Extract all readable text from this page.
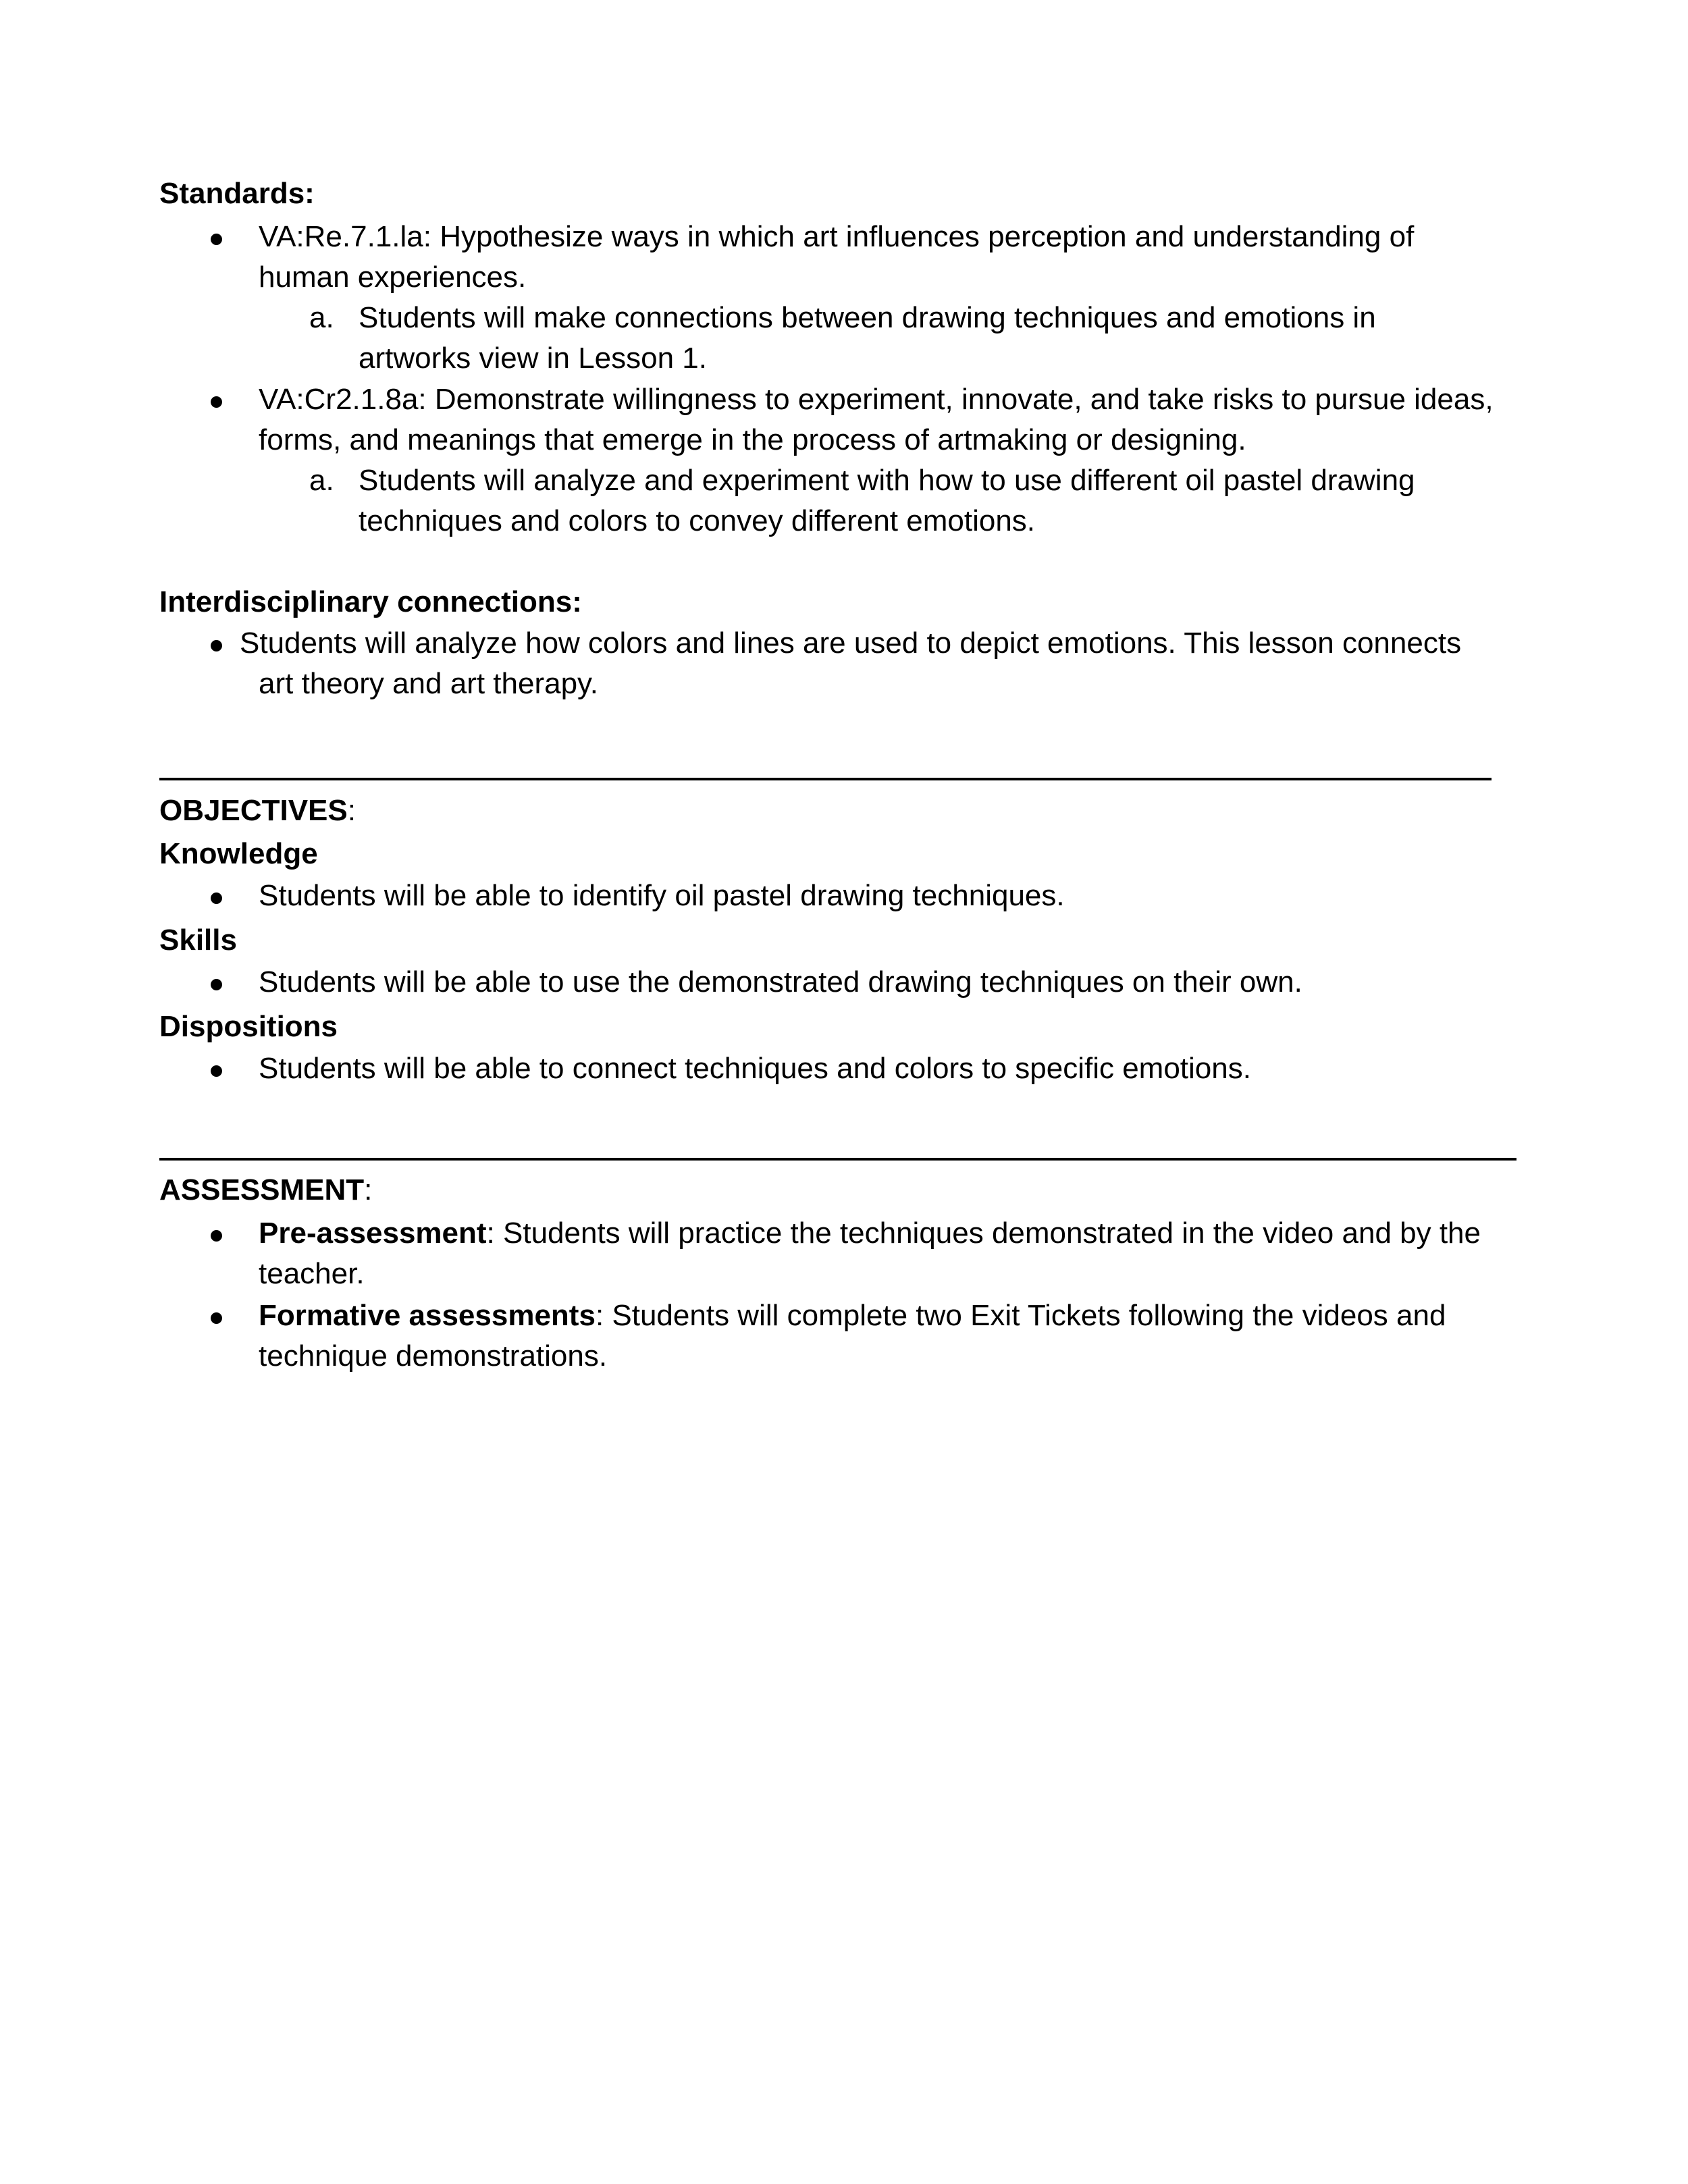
Standards:
VA:Re.7.1.la: Hypothesize ways in which art influences perception and understanding of
human experiences.
a. Students will make connections between drawing techniques and emotions in
artworks view in Lesson 1.
VA:Cr2.1.8a: Demonstrate willingness to experiment, innovate, and take risks to pursue ideas,
forms, and meanings that emerge in the process of artmaking or designing.
a. Students will analyze and experiment with how to use different oil pastel drawing
techniques and colors to convey different emotions.
Interdisciplinary connections:
Students will analyze how colors and lines are used to depict emotions. This lesson connects
art theory and art therapy.
OBJECTIVES:
Knowledge
Students will be able to identify oil pastel drawing techniques.
Skills
Students will be able to use the demonstrated drawing techniques on their own.
Dispositions
Students will be able to connect techniques and colors to specific emotions.
ASSESSMENT:
Pre-assessment: Students will practice the techniques demonstrated in the video and by the
teacher.
Formative assessments: Students will complete two Exit Tickets following the videos and
technique demonstrations.
